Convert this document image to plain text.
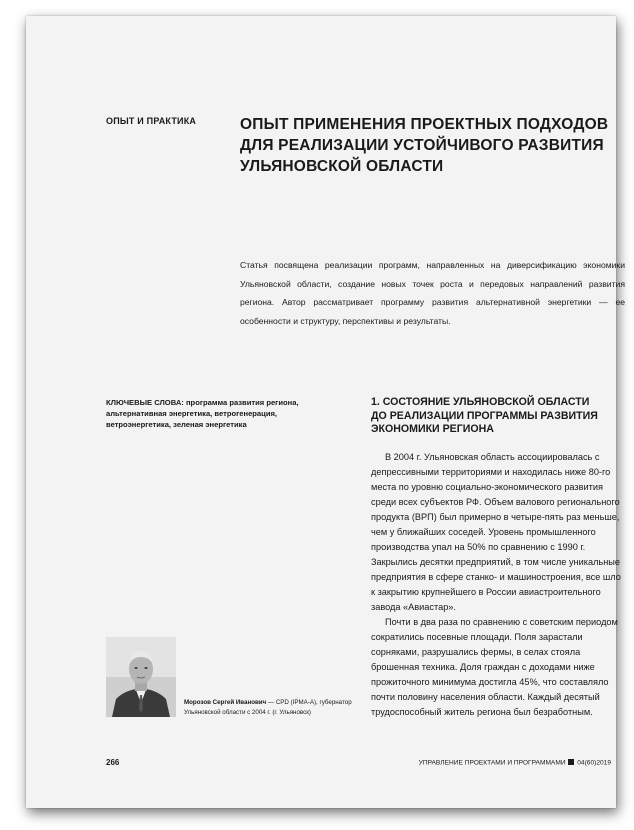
ОПЫТ И ПРАКТИКА	ОПЫТ ПРИМЕНЕНИЯ ПРОЕКТНЫХ ПОДХОДОВ
ДЛЯ РЕАЛИЗАЦИИ УСТОЙЧИВОГО РАЗВИТИЯ
УЛЬЯНОВСКОЙ ОБЛАСТИ

Статья посвящена реализации программ, направленных на диверсификацию экономики Ульяновской области, создание новых точек роста и передовых направлений развития региона. Автор рассматривает программу развития альтернативной энергетики — ее особенности и структуру, перспективы и результаты.

КЛЮЧЕВЫЕ СЛОВА: программа развития региона, альтернативная энергетика, ветрогенерация, ветроэнергетика, зеленая энергетика

1. СОСТОЯНИЕ УЛЬЯНОВСКОЙ ОБЛАСТИ
ДО РЕАЛИЗАЦИИ ПРОГРАММЫ РАЗВИТИЯ
ЭКОНОМИКИ РЕГИОНА

В 2004 г. Ульяновская область ассоциировалась с депрессивными территориями и находилась ниже 80-го места по уровню социально-экономического развития среди всех субъектов РФ. Объем валового регионального продукта (ВРП) был примерно в четыре-пять раз меньше, чем у ближайших соседей. Уровень промышленного производства упал на 50% по сравнению с 1990 г. Закрылись десятки предприятий, в том числе уникальные предприятия в сфере станко- и машиностроения, все шло к закрытию крупнейшего в России авиастроительного завода «Авиастар».

Почти в два раза по сравнению с советским периодом сократились посевные площади. Поля зарастали сорняками, разрушались фермы, в селах стояла брошенная техника. Доля граждан с доходами ниже прожиточного минимума достигла 45%, что составляло почти половину населения области. Каждый десятый трудоспособный житель региона был безработным.

Морозов Сергей Иванович — CPD (IPMA-A), губернатор Ульяновской области с 2004 г. (г. Ульяновск)
266	УПРАВЛЕНИЕ ПРОЕКТАМИ И ПРОГРАММАМИ 04(60)2019
